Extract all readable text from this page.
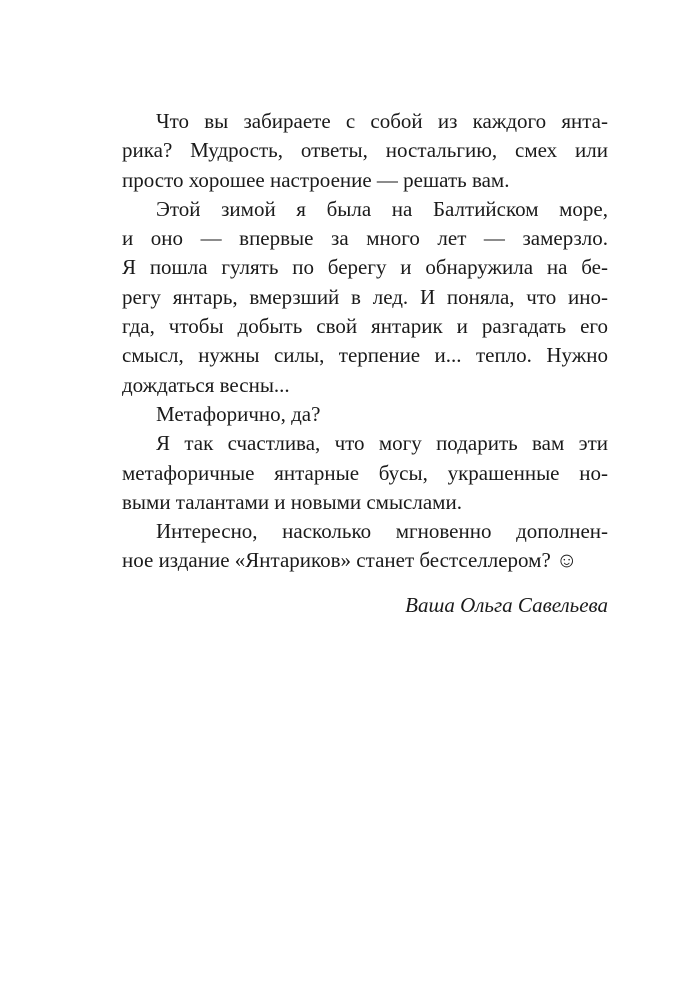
Что вы забираете с собой из каждого янта-
рика? Мудрость, ответы, ностальгию, смех или
просто хорошее настроение — решать вам.
Этой зимой я была на Балтийском море,
и оно — впервые за много лет — замерзло.
Я пошла гулять по берегу и обнаружила на бе-
регу янтарь, вмерзший в лед. И поняла, что ино-
гда, чтобы добыть свой янтарик и разгадать его
смысл, нужны силы, терпение и... тепло. Нужно
дождаться весны...
Метафорично, да?
Я так счастлива, что могу подарить вам эти
метафоричные янтарные бусы, украшенные но-
выми талантами и новыми смыслами.
Интересно, насколько мгновенно дополнен-
ное издание «Янтариков» станет бестселлером? ☺
Ваша Ольга Савельева
